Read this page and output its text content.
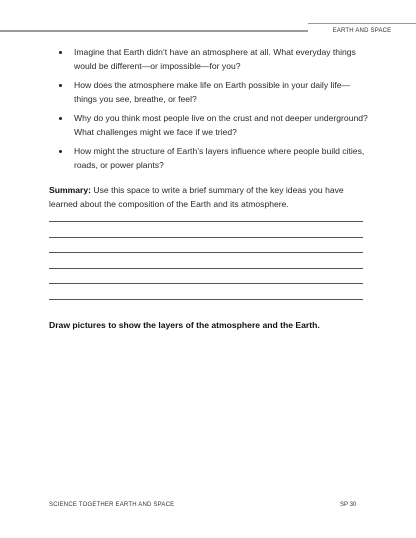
EARTH AND SPACE
Imagine that Earth didn’t have an atmosphere at all. What everyday things would be different—or impossible—for you?
How does the atmosphere make life on Earth possible in your daily life—things you see, breathe, or feel?
Why do you think most people live on the crust and not deeper underground? What challenges might we face if we tried?
How might the structure of Earth’s layers influence where people build cities, roads, or power plants?

Summary: Use this space to write a brief summary of the key ideas you have learned about the composition of the Earth and its atmosphere.

Draw pictures to show the layers of the atmosphere and the Earth.

SCIENCE TOGETHER EARTH AND SPACE	SP 30
